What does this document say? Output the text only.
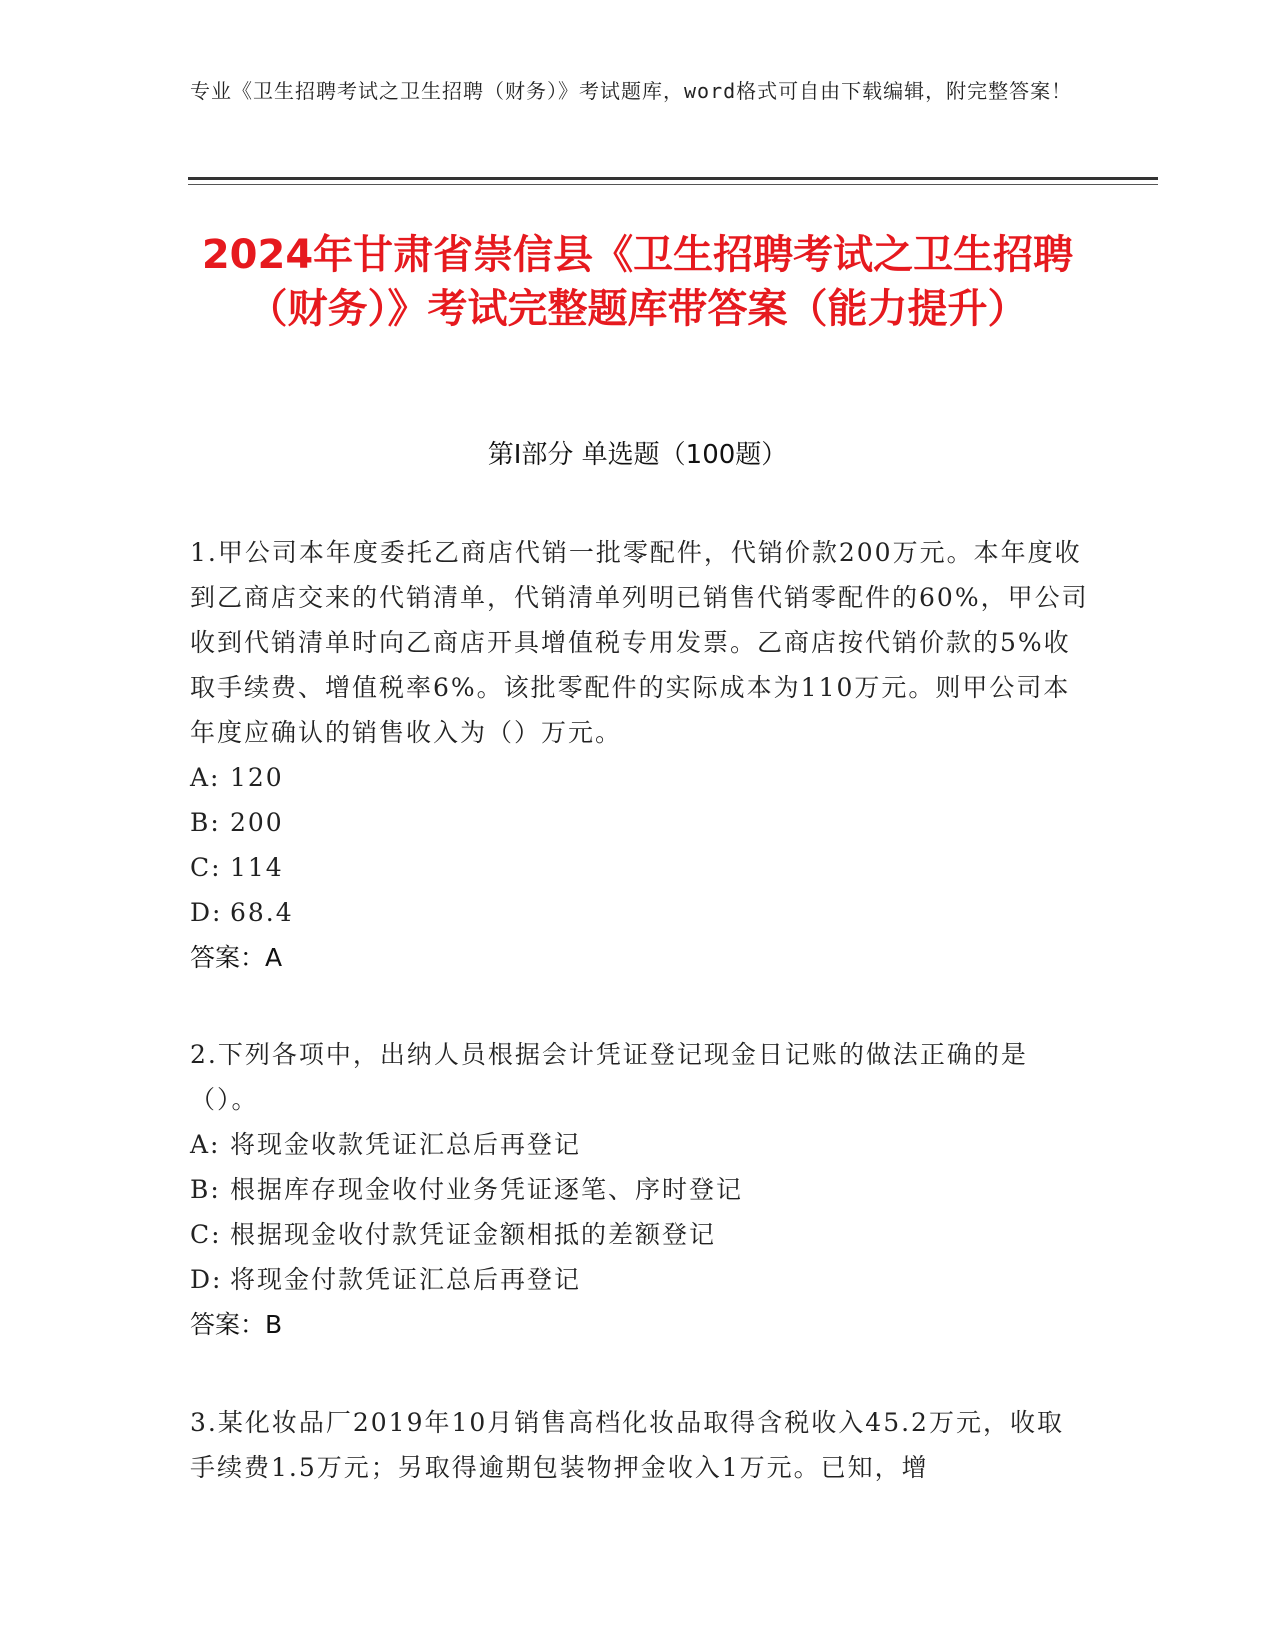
专业《卫生招聘考试之卫生招聘（财务）》考试题库，word格式可自由下载编辑，附完整答案！
2024年甘肃省崇信县《卫生招聘考试之卫生招聘（财务）》考试完整题库带答案（能力提升）
第I部分 单选题（100题）
1.甲公司本年度委托乙商店代销一批零配件，代销价款200万元。本年度收到乙商店交来的代销清单，代销清单列明已销售代销零配件的60%，甲公司收到代销清单时向乙商店开具增值税专用发票。乙商店按代销价款的5%收取手续费、增值税率6%。该批零配件的实际成本为110万元。则甲公司本年度应确认的销售收入为（）万元。
A: 120
B: 200
C: 114
D: 68.4
答案：A
2.下列各项中，出纳人员根据会计凭证登记现金日记账的做法正确的是（）。
A: 将现金收款凭证汇总后再登记
B: 根据库存现金收付业务凭证逐笔、序时登记
C: 根据现金收付款凭证金额相抵的差额登记
D: 将现金付款凭证汇总后再登记
答案：B
3.某化妆品厂2019年10月销售高档化妆品取得含税收入45.2万元，收取手续费1.5万元；另取得逾期包装物押金收入1万元。已知，增
